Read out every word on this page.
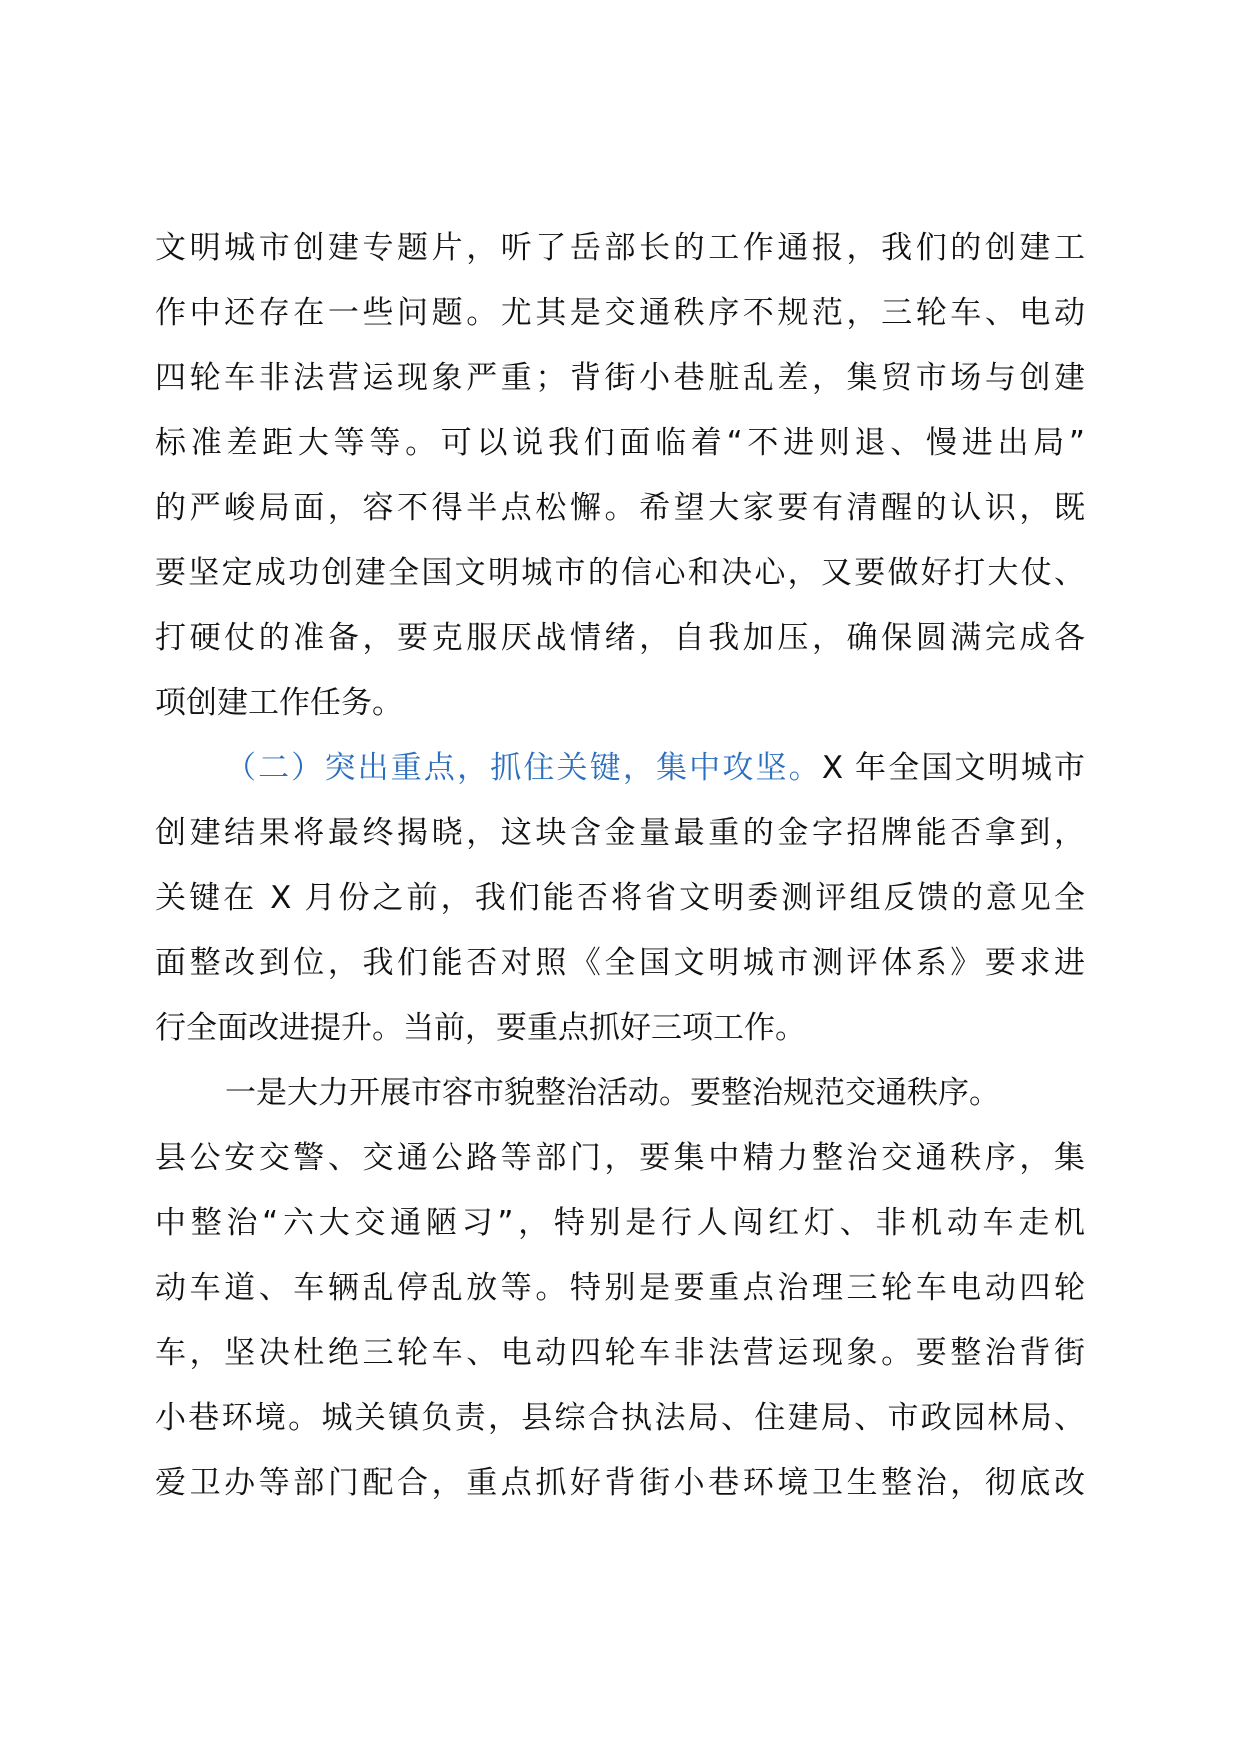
文明城市创建专题片，听了岳部长的工作通报，我们的创建工
作中还存在一些问题。尤其是交通秩序不规范，三轮车、电动
四轮车非法营运现象严重；背街小巷脏乱差，集贸市场与创建
标准差距大等等。可以说我们面临着“不进则退、慢进出局”
的严峻局面，容不得半点松懈。希望大家要有清醒的认识，既
要坚定成功创建全国文明城市的信心和决心，又要做好打大仗、
打硬仗的准备，要克服厌战情绪，自我加压，确保圆满完成各
项创建工作任务。
（二）突出重点，抓住关键，集中攻坚。X 年全国文明城市
创建结果将最终揭晓，这块含金量最重的金字招牌能否拿到，
关键在 X 月份之前，我们能否将省文明委测评组反馈的意见全
面整改到位，我们能否对照《全国文明城市测评体系》要求进
行全面改进提升。当前，要重点抓好三项工作。
一是大力开展市容市貌整治活动。要整治规范交通秩序。
县公安交警、交通公路等部门，要集中精力整治交通秩序，集
中整治“六大交通陋习”，特别是行人闯红灯、非机动车走机
动车道、车辆乱停乱放等。特别是要重点治理三轮车电动四轮
车，坚决杜绝三轮车、电动四轮车非法营运现象。要整治背街
小巷环境。城关镇负责，县综合执法局、住建局、市政园林局、
爱卫办等部门配合，重点抓好背街小巷环境卫生整治，彻底改
